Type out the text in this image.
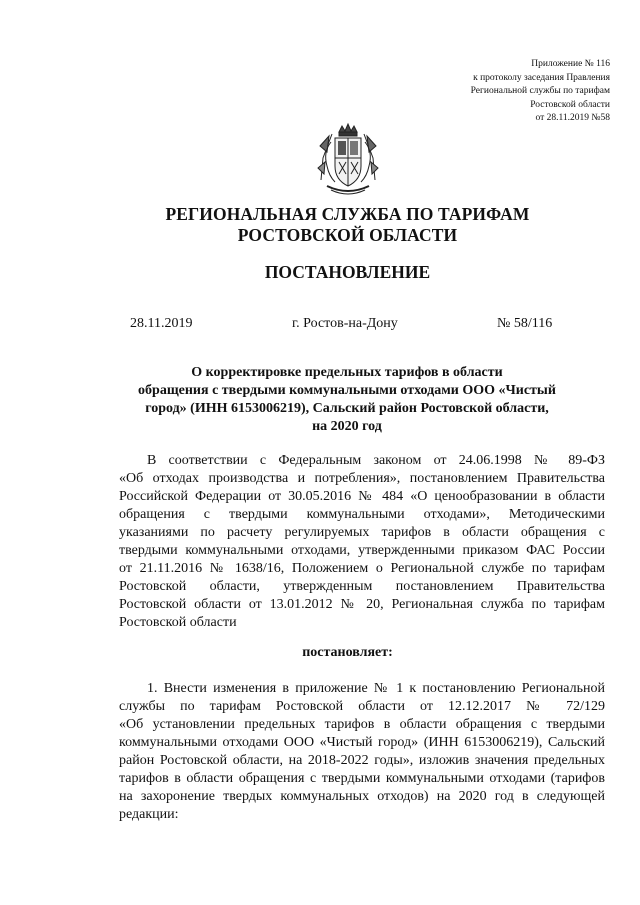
Приложение № 116
к протоколу заседания Правления
Региональной службы по тарифам
Ростовской области
от 28.11.2019 №58
РЕГИОНАЛЬНАЯ СЛУЖБА ПО ТАРИФАМ
РОСТОВСКОЙ ОБЛАСТИ
ПОСТАНОВЛЕНИЕ
28.11.2019	г. Ростов-на-Дону	№ 58/116
О корректировке предельных тарифов в области
обращения с твердыми коммунальными отходами ООО «Чистый
город» (ИНН 6153006219), Сальский район Ростовской области,
на 2020 год
В соответствии с Федеральным законом от 24.06.1998 № 89-ФЗ
«Об отходах производства и потребления», постановлением Правительства
Российской Федерации от 30.05.2016 № 484 «О ценообразовании в области
обращения с твердыми коммунальными отходами», Методическими
указаниями по расчету регулируемых тарифов в области обращения с
твердыми коммунальными отходами, утвержденными приказом ФАС России
от 21.11.2016 № 1638/16, Положением о Региональной службе по тарифам
Ростовской области, утвержденным постановлением Правительства
Ростовской области от 13.01.2012 № 20, Региональная служба по тарифам
Ростовской области
постановляет:
1. Внести изменения в приложение № 1 к постановлению Региональной
службы по тарифам Ростовской области от 12.12.2017 № 72/129
«Об установлении предельных тарифов в области обращения с твердыми
коммунальными отходами ООО «Чистый город» (ИНН 6153006219), Сальский
район Ростовской области, на 2018-2022 годы», изложив значения предельных
тарифов в области обращения с твердыми коммунальными отходами (тарифов
на захоронение твердых коммунальных отходов) на 2020 год в следующей
редакции:
